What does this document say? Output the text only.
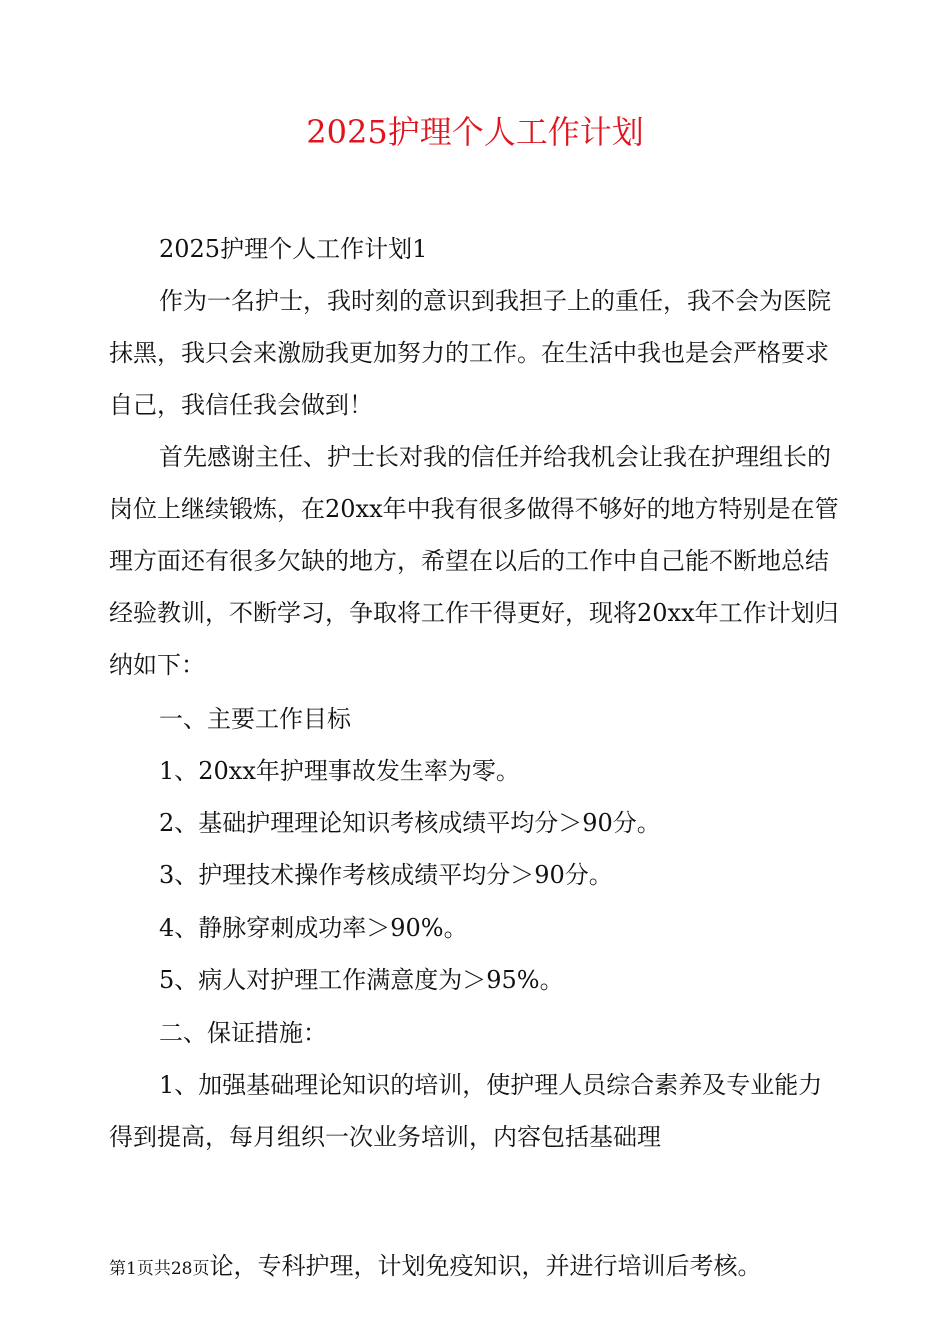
2025护理个人工作计划

2025护理个人工作计划1

作为一名护士，我时刻的意识到我担子上的重任，我不会为医院抹黑，我只会来激励我更加努力的工作。在生活中我也是会严格要求自己，我信任我会做到！

首先感谢主任、护士长对我的信任并给我机会让我在护理组长的岗位上继续锻炼，在20xx年中我有很多做得不够好的地方特别是在管理方面还有很多欠缺的地方，希望在以后的工作中自己能不断地总结经验教训，不断学习，争取将工作干得更好，现将20xx年工作计划归纳如下：

一、主要工作目标

1、20xx年护理事故发生率为零。

2、基础护理理论知识考核成绩平均分＞90分。

3、护理技术操作考核成绩平均分＞90分。

4、静脉穿刺成功率＞90%。

5、病人对护理工作满意度为＞95%。

二、保证措施：

1、加强基础理论知识的培训，使护理人员综合素养及专业能力得到提高，每月组织一次业务培训，内容包括基础理

第1页共28页论，专科护理，计划免疫知识，并进行培训后考核。
